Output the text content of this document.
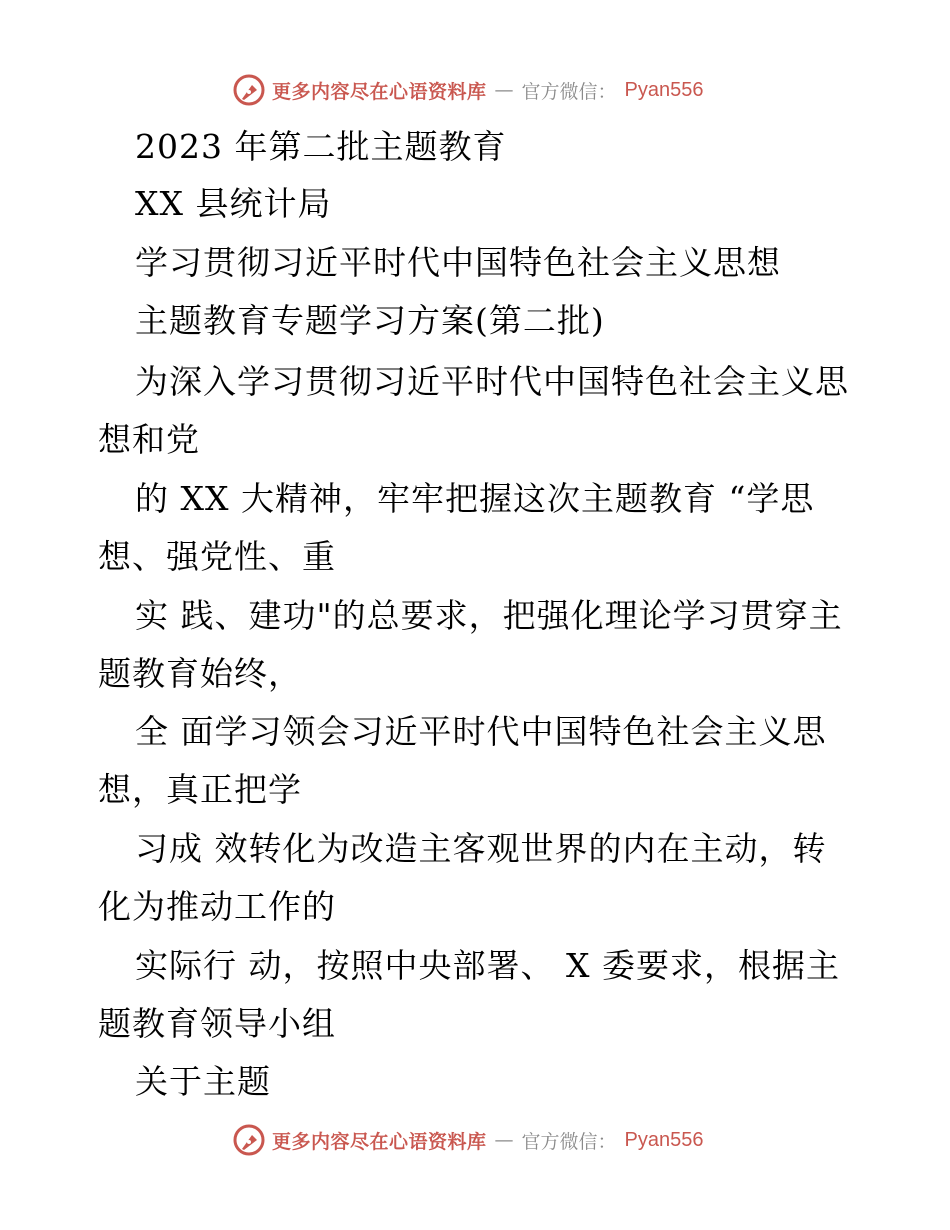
更多内容尽在心语资料库 — 官方微信： Pyan556
2023 年第二批主题教育
XX 县统计局
学习贯彻习近平时代中国特色社会主义思想
主题教育专题学习方案(第二批)
为深入学习贯彻习近平时代中国特色社会主义思
想和党
的 XX 大精神，牢牢把握这次主题教育 “学思
想、强党性、重
实 践、建功"的总要求，把强化理论学习贯穿主
题教育始终，
全 面学习领会习近平时代中国特色社会主义思
想，真正把学
习成 效转化为改造主客观世界的内在主动，转
化为推动工作的
实际行 动，按照中央部署、 X 委要求，根据主
题教育领导小组
关于主题
更多内容尽在心语资料库 — 官方微信： Pyan556
